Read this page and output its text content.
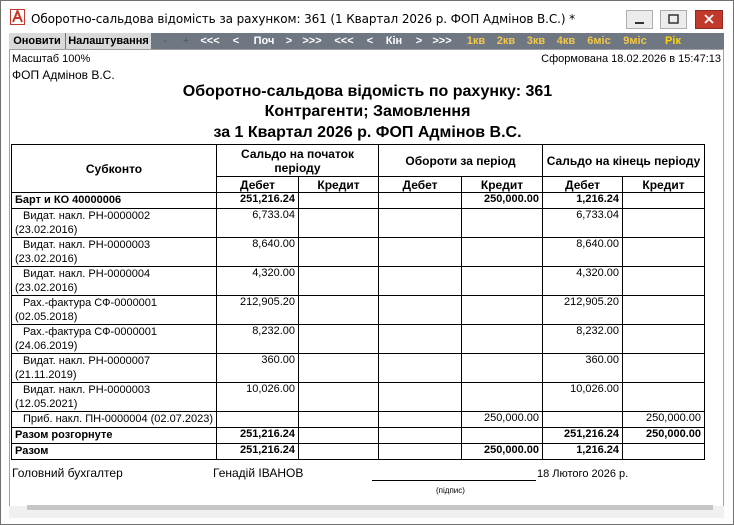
Оборотно-сальдова відомість за рахунком: 361 (1 Квартал 2026 р. ФОП Адмінов В.С.) *
Оновити Налаштування	-	+	<<<	<	Поч	> >>>	<<<	<	Кін	> >>>	1кв	2кв	3кв	4кв	6міс	9міс	Рік
Масштаб 100%	Сформована 18.02.2026 в 15:47:13
ФОП Адмінов В.С.
Оборотно-сальдова відомість по рахунку: 361
Контрагенти; Замовлення
за 1 Квартал 2026 р. ФОП Адмінов В.С.
Субконто	Сальдо на початок періоду		Обороти за період		Сальдо на кінець періоду	
	Дебет	Кредит	Дебет	Кредит	Дебет	Кредит

Барт и КО 40000006	251,216.24			250,000.00	1,216.24	

Видат. накл. РН-0000002
(23.02.2016)	6,733.04				6,733.04	

Видат. накл. РН-0000003
(23.02.2016)	8,640.00				8,640.00	

Видат. накл. РН-0000004
(23.02.2016)	4,320.00				4,320.00	

Рах.-фактура СФ-0000001
(02.05.2018)	212,905.20				212,905.20	

Рах.-фактура СФ-0000001
(24.06.2019)	8,232.00				8,232.00	

Видат. накл. РН-0000007
(21.11.2019)	360.00				360.00	

Видат. накл. РН-0000003
(12.05.2021)	10,026.00				10,026.00	

Приб. накл. ПН-0000004 (02.07.2023)				250,000.00		250,000.00

Разом розгорнуте	251,216.24				251,216.24	250,000.00

Разом	251,216.24			250,000.00	1,216.24	
Головний бухгалтер	Генадій ІВАНОВ	18 Лютого 2026 р.
(підпис)
